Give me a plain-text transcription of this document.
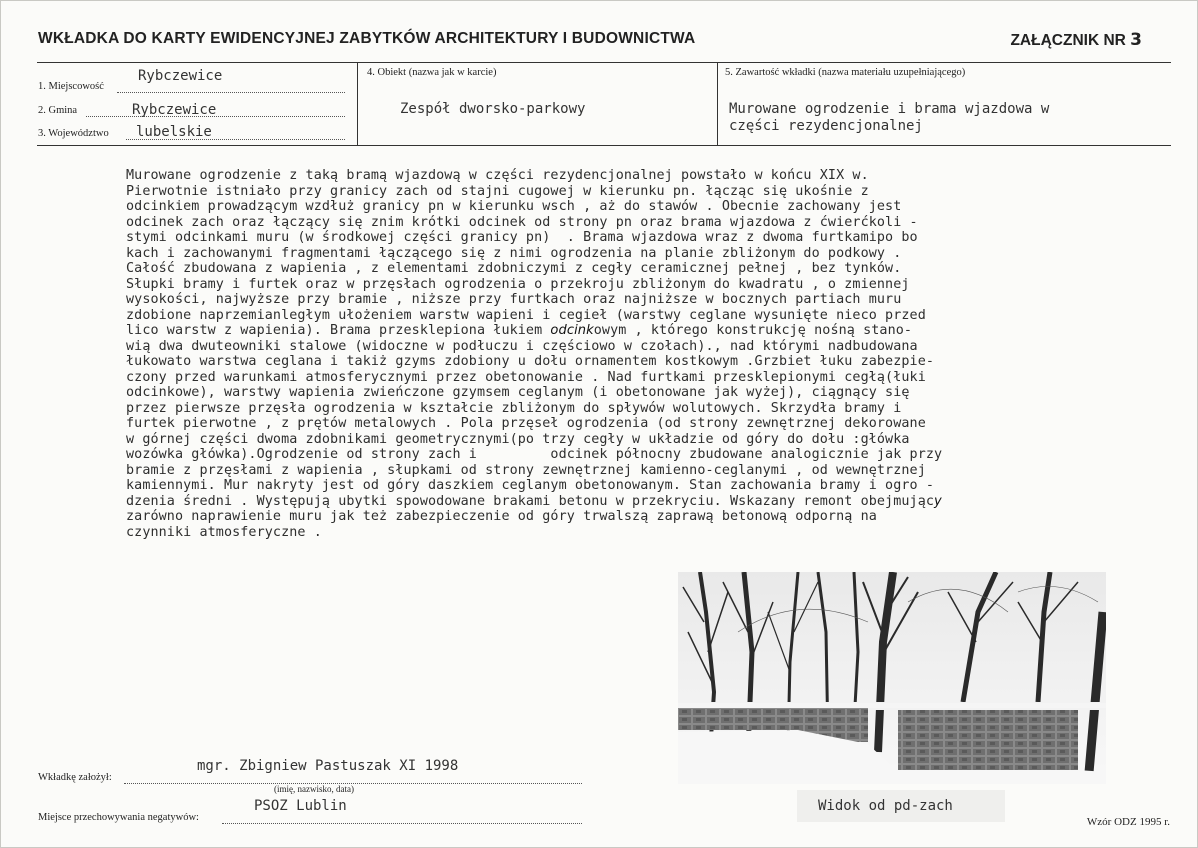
WKŁADKA DO KARTY EWIDENCYJNEJ ZABYTKÓW ARCHITEKTURY I BUDOWNICTWA	ZAŁĄCZNIK NR 3
1. Miejscowość
Rybczewice
2. Gmina	Rybczewice
3. Województwo lubelskie
4. Obiekt (nazwa jak w karcie)
Zespół dworsko-parkowy
5. Zawartość wkładki (nazwa materiału uzupełniającego)
Murowane ogrodzenie i brama wjazdowa w
części rezydencjonalnej
Murowane ogrodzenie z taką bramą wjazdową w części rezydencjonalnej powstało w końcu XIX w.
Pierwotnie istniało przy granicy zach od stajni cugowej w kierunku pn. łącząc się ukośnie z
odcinkiem prowadzącym wzdłuż granicy pn w kierunku wsch , aż do stawów . Obecnie zachowany jest
odcinek zach oraz łączący się znim krótki odcinek od strony pn oraz brama wjazdowa z ćwierćkoli -
stymi odcinkami muru (w środkowej części granicy pn)  . Brama wjazdowa wraz z dwoma furtkamipo bo
kach i zachowanymi fragmentami łączącego się z nimi ogrodzenia na planie zbliżonym do podkowy .
Całość zbudowana z wapienia , z elementami zdobniczymi z cegły ceramicznej pełnej , bez tynków.
Słupki bramy i furtek oraz w przęsłach ogrodzenia o przekroju zbliżonym do kwadratu , o zmiennej
wysokości, najwyższe przy bramie , niższe przy furtkach oraz najniższe w bocznych partiach muru
zdobione naprzemianległym ułożeniem warstw wapieni i cegieł (warstwy ceglane wysunięte nieco przed
lico warstw z wapienia). Brama przesklepiona łukiem odcinkowym , którego konstrukcję nośną stano-
wią dwa dwuteowniki stalowe (widoczne w podłuczu i częściowo w czołach)., nad którymi nadbudowana
łukowato warstwa ceglana i takiż gzyms zdobiony u dołu ornamentem kostkowym .Grzbiet łuku zabezpie-
czony przed warunkami atmosferycznymi przez obetonowanie . Nad furtkami przesklepionymi cegłą(łuki
odcinkowe), warstwy wapienia zwieńczone gzymsem ceglanym (i obetonowane jak wyżej), ciągnący się
przez pierwsze przęsła ogrodzenia w kształcie zbliżonym do spływów wolutowych. Skrzydła bramy i
furtek pierwotne , z prętów metalowych . Pola przęseł ogrodzenia (od strony zewnętrznej dekorowane
w górnej części dwoma zdobnikami geometrycznymi(po trzy cegły w układzie od góry do dołu :główka
wozówka główka).Ogrodzenie od strony zach i         odcinek północny zbudowane analogicznie jak przy
bramie z przęsłami z wapienia , słupkami od strony zewnętrznej kamienno-ceglanymi , od wewnętrznej
kamiennymi. Mur nakryty jest od góry daszkiem ceglanym obetonowanym. Stan zachowania bramy i ogro -
dzenia średni . Występują ubytki spowodowane brakami betonu w przekryciu. Wskazany remont obejmujący
zarówno naprawienie muru jak też zabezpieczenie od góry trwalszą zaprawą betonową odporną na
czynniki atmosferyczne .
mgr. Zbigniew Pastuszak XI 1998
Wkładkę założył:
(imię, nazwisko, data)
PSOZ Lublin
Miejsce przechowywania negatywów:
Widok od pd-zach
Wzór ODZ 1995 r.
